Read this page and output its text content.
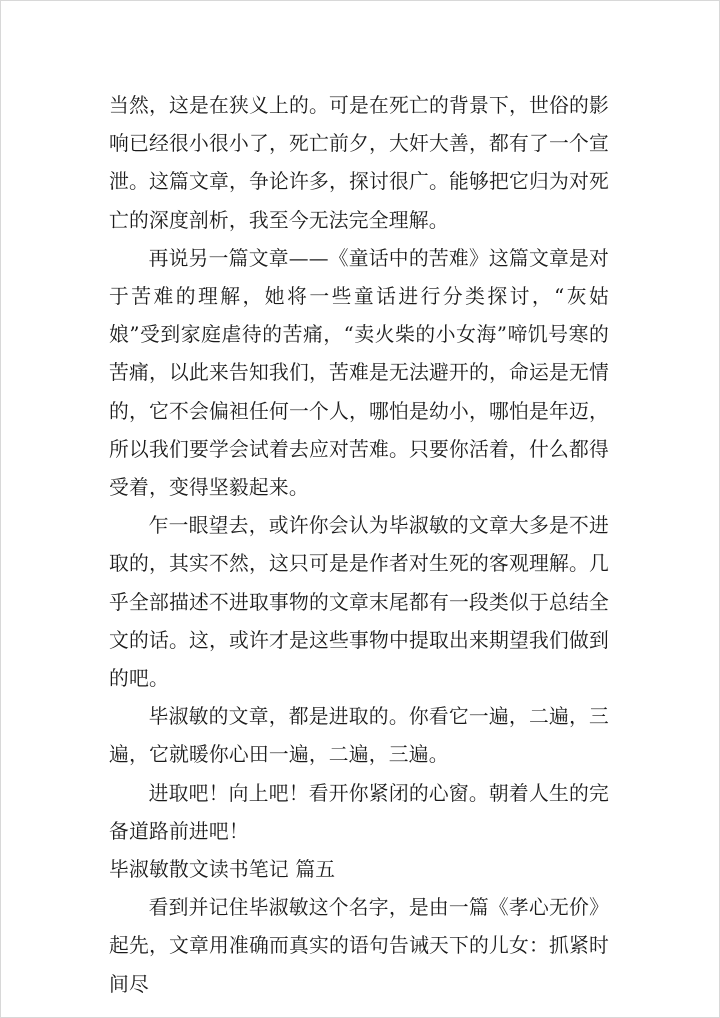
当然，这是在狭义上的。可是在死亡的背景下，世俗的影响已经很小很小了，死亡前夕，大奸大善，都有了一个宣泄。这篇文章，争论许多，探讨很广。能够把它归为对死亡的深度剖析，我至今无法完全理解。

再说另一篇文章——《童话中的苦难》这篇文章是对于苦难的理解，她将一些童话进行分类探讨，“灰姑娘”受到家庭虐待的苦痛，“卖火柴的小女海”啼饥号寒的苦痛，以此来告知我们，苦难是无法避开的，命运是无情的，它不会偏袒任何一个人，哪怕是幼小，哪怕是年迈，所以我们要学会试着去应对苦难。只要你活着，什么都得受着，变得坚毅起来。

乍一眼望去，或许你会认为毕淑敏的文章大多是不进取的，其实不然，这只可是是作者对生死的客观理解。几乎全部描述不进取事物的文章末尾都有一段类似于总结全文的话。这，或许才是这些事物中提取出来期望我们做到的吧。

毕淑敏的文章，都是进取的。你看它一遍，二遍，三遍，它就暖你心田一遍，二遍，三遍。

进取吧！向上吧！看开你紧闭的心窗。朝着人生的完备道路前进吧！

毕淑敏散文读书笔记 篇五

看到并记住毕淑敏这个名字，是由一篇《孝心无价》起先，文章用准确而真实的语句告诫天下的儿女：抓紧时间尽
